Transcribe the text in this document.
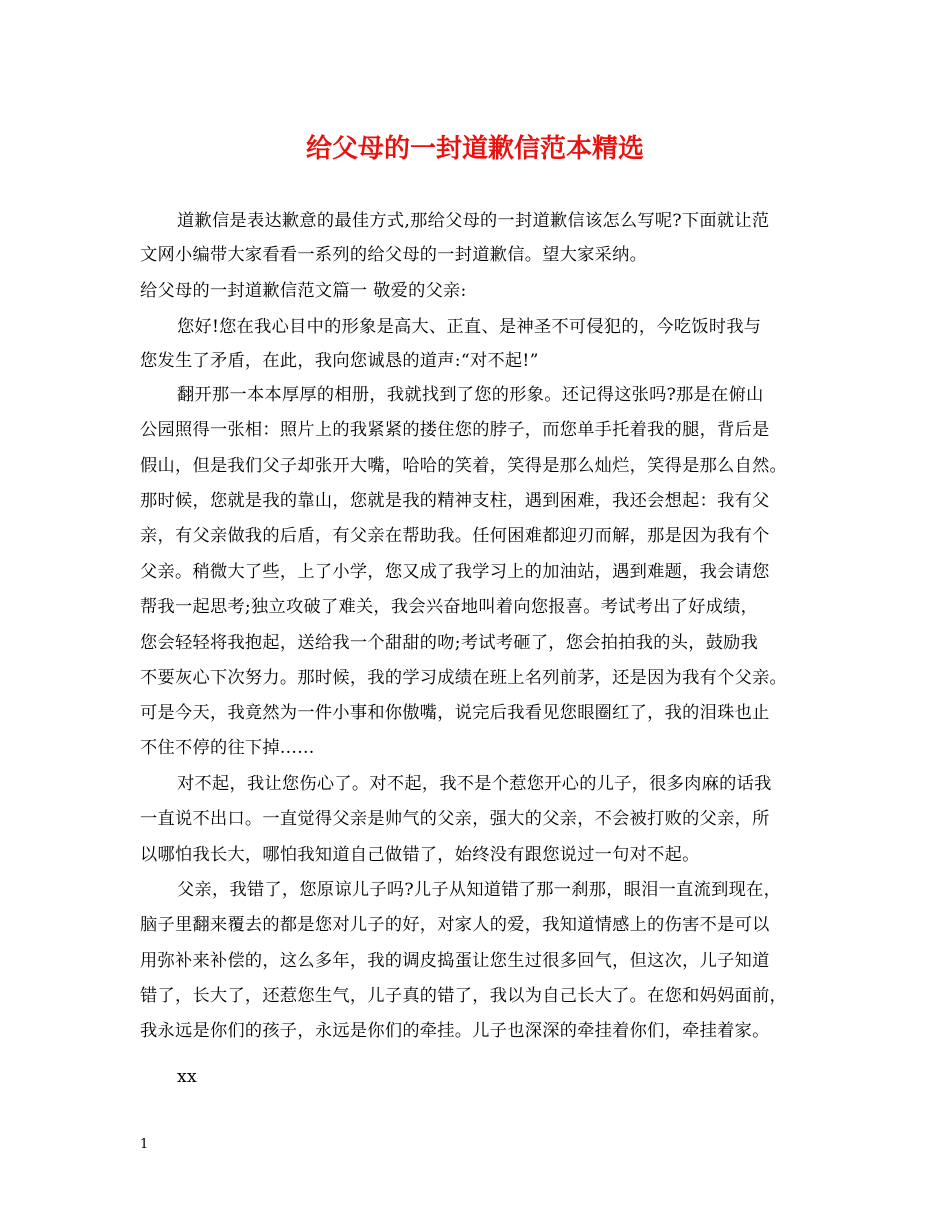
给父母的一封道歉信范本精选
道歉信是表达歉意的最佳方式,那给父母的一封道歉信该怎么写呢?下面就让范
文网小编带大家看看一系列的给父母的一封道歉信。望大家采纳。
给父母的一封道歉信范文篇一 敬爱的父亲:
您好!您在我心目中的形象是高大、正直、是神圣不可侵犯的，今吃饭时我与
您发生了矛盾，在此，我向您诚恳的道声:“对不起!”
翻开那一本本厚厚的相册，我就找到了您的形象。还记得这张吗?那是在俯山
公园照得一张相：照片上的我紧紧的搂住您的脖子，而您单手托着我的腿，背后是
假山，但是我们父子却张开大嘴，哈哈的笑着，笑得是那么灿烂，笑得是那么自然。
那时候，您就是我的靠山，您就是我的精神支柱，遇到困难，我还会想起：我有父
亲，有父亲做我的后盾，有父亲在帮助我。任何困难都迎刃而解，那是因为我有个
父亲。稍微大了些，上了小学，您又成了我学习上的加油站，遇到难题，我会请您
帮我一起思考;独立攻破了难关，我会兴奋地叫着向您报喜。考试考出了好成绩，
您会轻轻将我抱起，送给我一个甜甜的吻;考试考砸了，您会拍拍我的头，鼓励我
不要灰心下次努力。那时候，我的学习成绩在班上名列前茅，还是因为我有个父亲。
可是今天，我竟然为一件小事和你傲嘴，说完后我看见您眼圈红了，我的泪珠也止
不住不停的往下掉......
对不起，我让您伤心了。对不起，我不是个惹您开心的儿子，很多肉麻的话我
一直说不出口。一直觉得父亲是帅气的父亲，强大的父亲，不会被打败的父亲，所
以哪怕我长大，哪怕我知道自己做错了，始终没有跟您说过一句对不起。
父亲，我错了，您原谅儿子吗?儿子从知道错了那一刹那，眼泪一直流到现在，
脑子里翻来覆去的都是您对儿子的好，对家人的爱，我知道情感上的伤害不是可以
用弥补来补偿的，这么多年，我的调皮捣蛋让您生过很多回气，但这次，儿子知道
错了，长大了，还惹您生气，儿子真的错了，我以为自己长大了。在您和妈妈面前，
我永远是你们的孩子，永远是你们的牵挂。儿子也深深的牵挂着你们，牵挂着家。
xx
1
